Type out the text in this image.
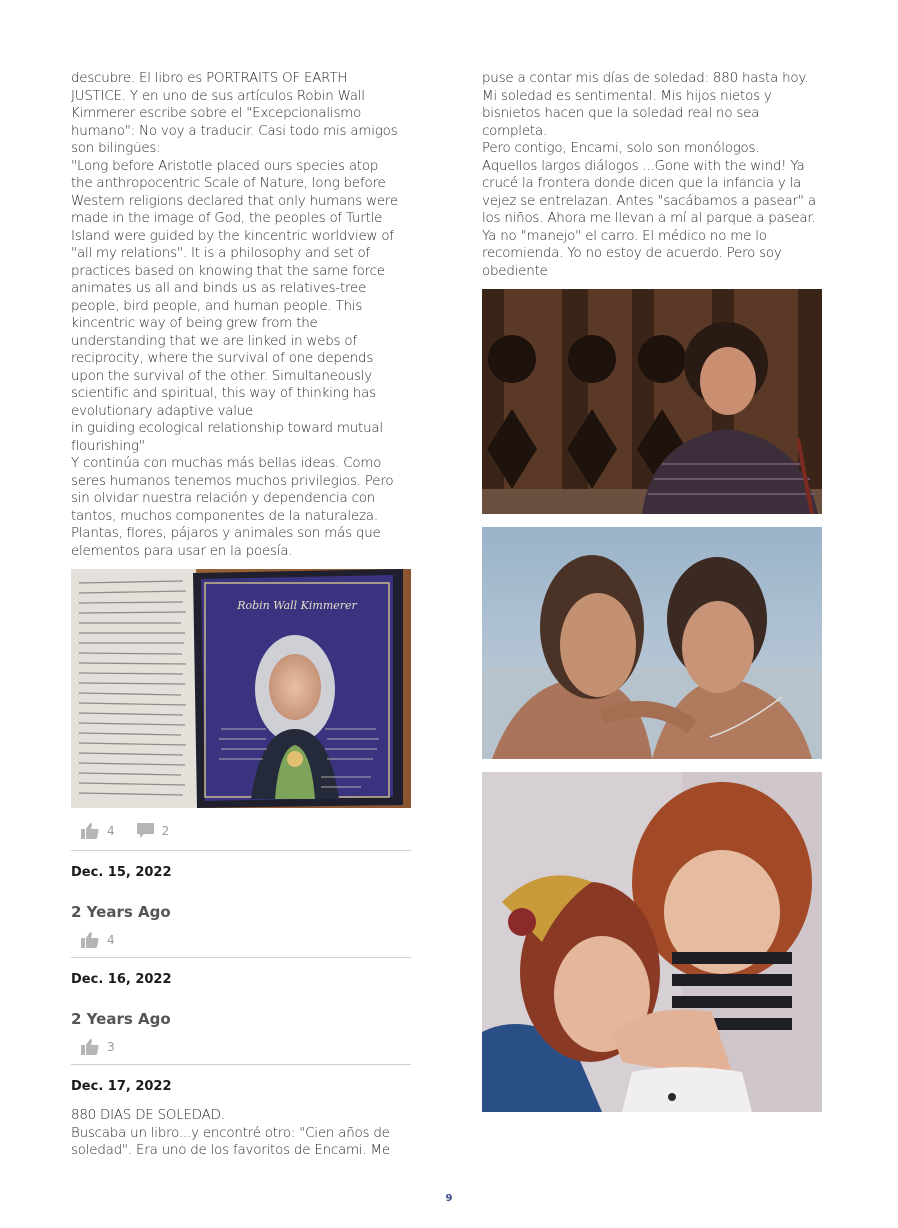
descubre. El libro es PORTRAITS OF EARTH
JUSTICE. Y en uno de sus artículos Robin Wall
Kimmerer escribe sobre el "Excepcionalismo
humano": No voy a traducir. Casi todo mis amigos
son bilingües:
"Long before Aristotle placed ours species atop
the anthropocentric Scale of Nature, long before
Western religions declared that only humans were
made in the image of God, the peoples of Turtle
Island were guided by the kincentric worldview of
"all my relations". It is a philosophy and set of
practices based on knowing that the same force
animates us all and binds us as relatives-tree
people, bird people, and human people. This
kincentric way of being grew from the
understanding that we are linked in webs of
reciprocity, where the survival of one depends
upon the survival of the other. Simultaneously
scientific and spiritual, this way of thinking has
evolutionary adaptive value
in guiding ecological relationship toward mutual
flourishing"
Y continúa con muchas más bellas ideas. Como
seres humanos tenemos muchos privilegios. Pero
sin olvidar nuestra relación y dependencia con
tantos, muchos componentes de la naturaleza.
Plantas, flores, pájaros y animales son más que
elementos para usar en la poesía.

Robin Wall Kimmerer
4	2
Dec. 15, 2022
2 Years Ago
4
Dec. 16, 2022
2 Years Ago
3
Dec. 17, 2022

880 DIAS DE SOLEDAD.
Buscaba un libro...y encontré otro: "Cien años de
soledad". Era uno de los favoritos de Encami. Me

puse a contar mis días de soledad: 880 hasta hoy.
Mi soledad es sentimental. Mis hijos nietos y
bisnietos hacen que la soledad real no sea
completa.
Pero contigo, Encami, solo son monólogos.
Aquellos largos diálogos ...Gone with the wind! Ya
crucé la frontera donde dicen que la infancia y la
vejez se entrelazan. Antes "sacábamos a pasear" a
los niños. Ahora me llevan a mí al parque a pasear.
Ya no "manejo" el carro. El médico no me lo
recomienda. Yo no estoy de acuerdo. Pero soy
obediente

9
